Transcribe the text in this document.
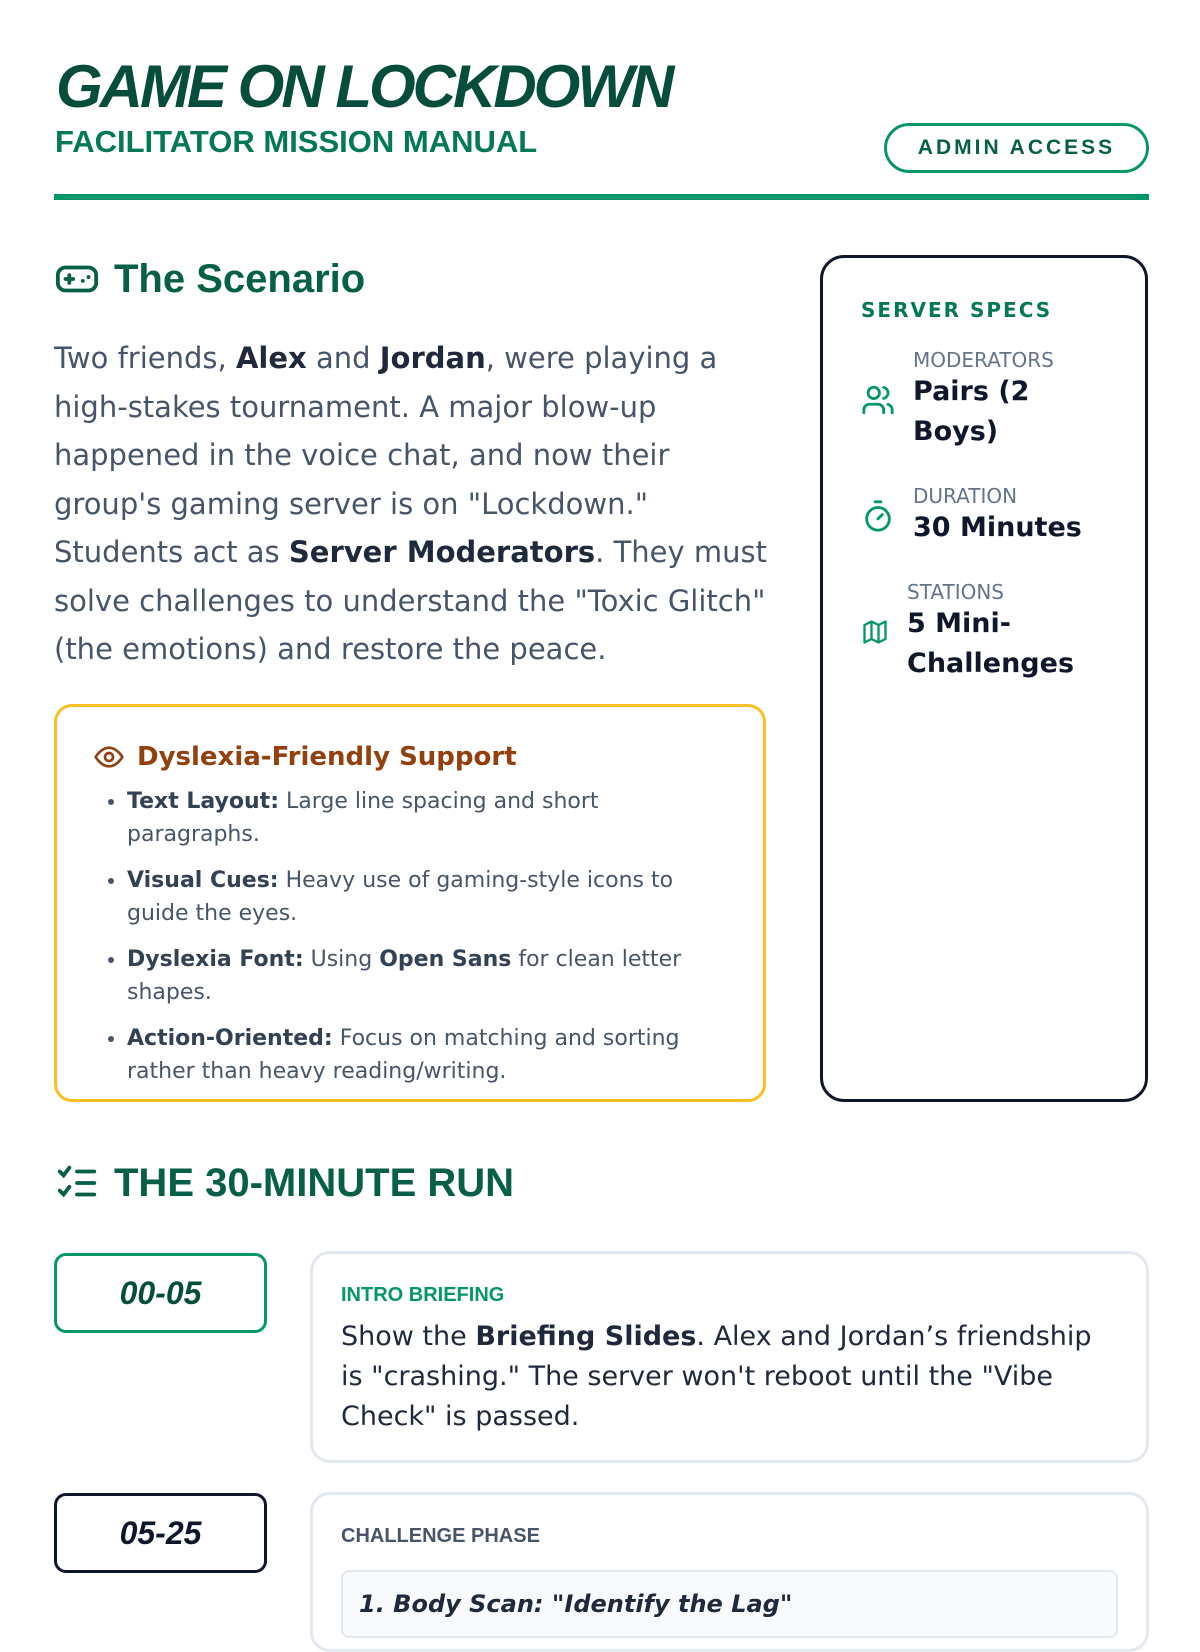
GAME ON LOCKDOWN
FACILITATOR MISSION MANUAL	ADMIN ACCESS
The Scenario

Two friends, Alex and Jordan, were playing a high-stakes tournament. A major blow-up happened in the voice chat, and now their group's gaming server is on "Lockdown." Students act as Server Moderators. They must solve challenges to understand the "Toxic Glitch" (the emotions) and restore the peace.

Dyslexia-Friendly Support
• Text Layout: Large line spacing and short paragraphs.
• Visual Cues: Heavy use of gaming-style icons to guide the eyes.
• Dyslexia Font: Using Open Sans for clean letter shapes.
• Action-Oriented: Focus on matching and sorting rather than heavy reading/writing.
SERVER SPECS
MODERATORS
Pairs (2 Boys)
DURATION
30 Minutes
STATIONS
5 Mini-Challenges
THE 30-MINUTE RUN
00-05	INTRO BRIEFING
Show the Briefing Slides. Alex and Jordan’s friendship is "crashing." The server won't reboot until the "Vibe Check" is passed.
05-25	CHALLENGE PHASE
1. Body Scan: "Identify the Lag"
